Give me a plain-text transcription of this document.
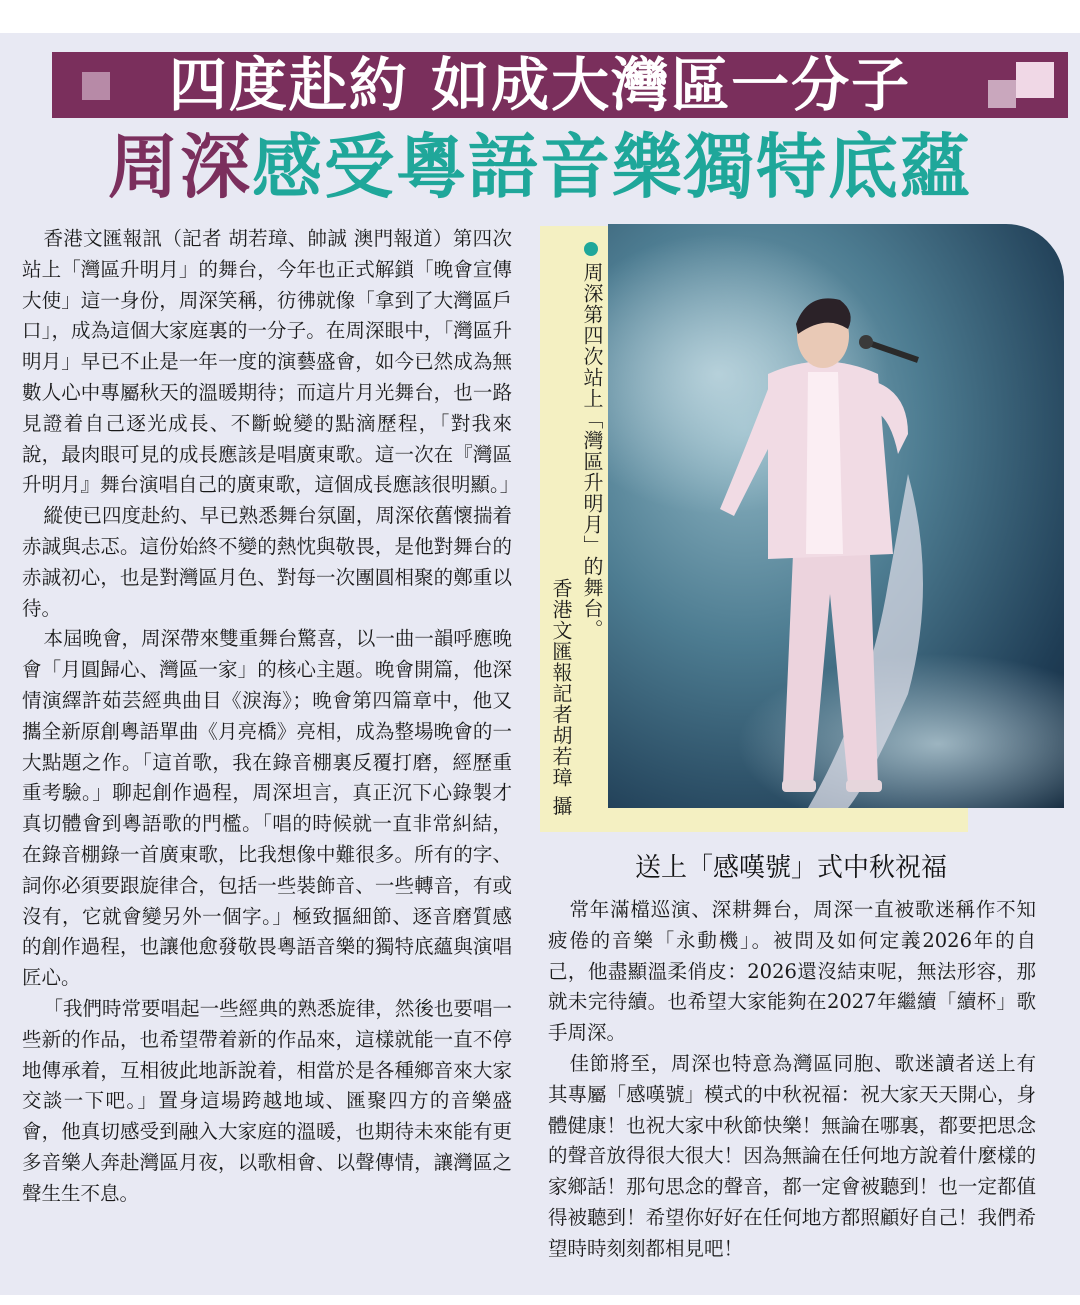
四度赴約 如成大灣區一分子
周深感受粵語音樂獨特底蘊

香港文匯報訊（記者 胡若璋、帥誠 澳門報道）第四次站上「灣區升明月」的舞台，今年也正式解鎖「晚會宣傳大使」這一身份，周深笑稱，彷彿就像「拿到了大灣區戶口」，成為這個大家庭裏的一分子。在周深眼中，「灣區升明月」早已不止是一年一度的演藝盛會，如今已然成為無數人心中專屬秋天的溫暖期待；而這片月光舞台，也一路見證着自己逐光成長、不斷蛻變的點滴歷程，「對我來說，最肉眼可見的成長應該是唱廣東歌。這一次在『灣區升明月』舞台演唱自己的廣東歌，這個成長應該很明顯。」

縱使已四度赴約、早已熟悉舞台氛圍，周深依舊懷揣着赤誠與忐忑。這份始終不變的熱忱與敬畏，是他對舞台的赤誠初心，也是對灣區月色、對每一次團圓相聚的鄭重以待。

本屆晚會，周深帶來雙重舞台驚喜，以一曲一韻呼應晚會「月圓歸心、灣區一家」的核心主題。晚會開篇，他深情演繹許茹芸經典曲目《淚海》；晚會第四篇章中，他又攜全新原創粵語單曲《月亮橋》亮相，成為整場晚會的一大點題之作。「這首歌，我在錄音棚裏反覆打磨，經歷重重考驗。」聊起創作過程，周深坦言，真正沉下心錄製才真切體會到粵語歌的門檻。「唱的時候就一直非常糾結，在錄音棚錄一首廣東歌，比我想像中難很多。所有的字、詞你必須要跟旋律合，包括一些裝飾音、一些轉音，有或沒有，它就會變另外一個字。」極致摳細節、逐音磨質感的創作過程，也讓他愈發敬畏粵語音樂的獨特底蘊與演唱匠心。

「我們時常要唱起一些經典的熟悉旋律，然後也要唱一些新的作品，也希望帶着新的作品來，這樣就能一直不停地傳承着，互相彼此地訴說着，相當於是各種鄉音來大家交談一下吧。」置身這場跨越地域、匯聚四方的音樂盛會，他真切感受到融入大家庭的溫暖，也期待未來能有更多音樂人奔赴灣區月夜，以歌相會、以聲傳情，讓灣區之聲生生不息。

周深第四次站上「灣區升明月」的舞台。
香港文匯報記者胡若璋 攝
送上「感嘆號」式中秋祝福

常年滿檔巡演、深耕舞台，周深一直被歌迷稱作不知疲倦的音樂「永動機」。被問及如何定義2026年的自己，他盡顯溫柔俏皮：2026還沒結束呢，無法形容，那就未完待續。也希望大家能夠在2027年繼續「續杯」歌手周深。

佳節將至，周深也特意為灣區同胞、歌迷讀者送上有其專屬「感嘆號」模式的中秋祝福：祝大家天天開心，身體健康！也祝大家中秋節快樂！無論在哪裏，都要把思念的聲音放得很大很大！因為無論在任何地方說着什麼樣的家鄉話！那句思念的聲音，都一定會被聽到！也一定都值得被聽到！希望你好好在任何地方都照顧好自己！我們希望時時刻刻都相見吧！
